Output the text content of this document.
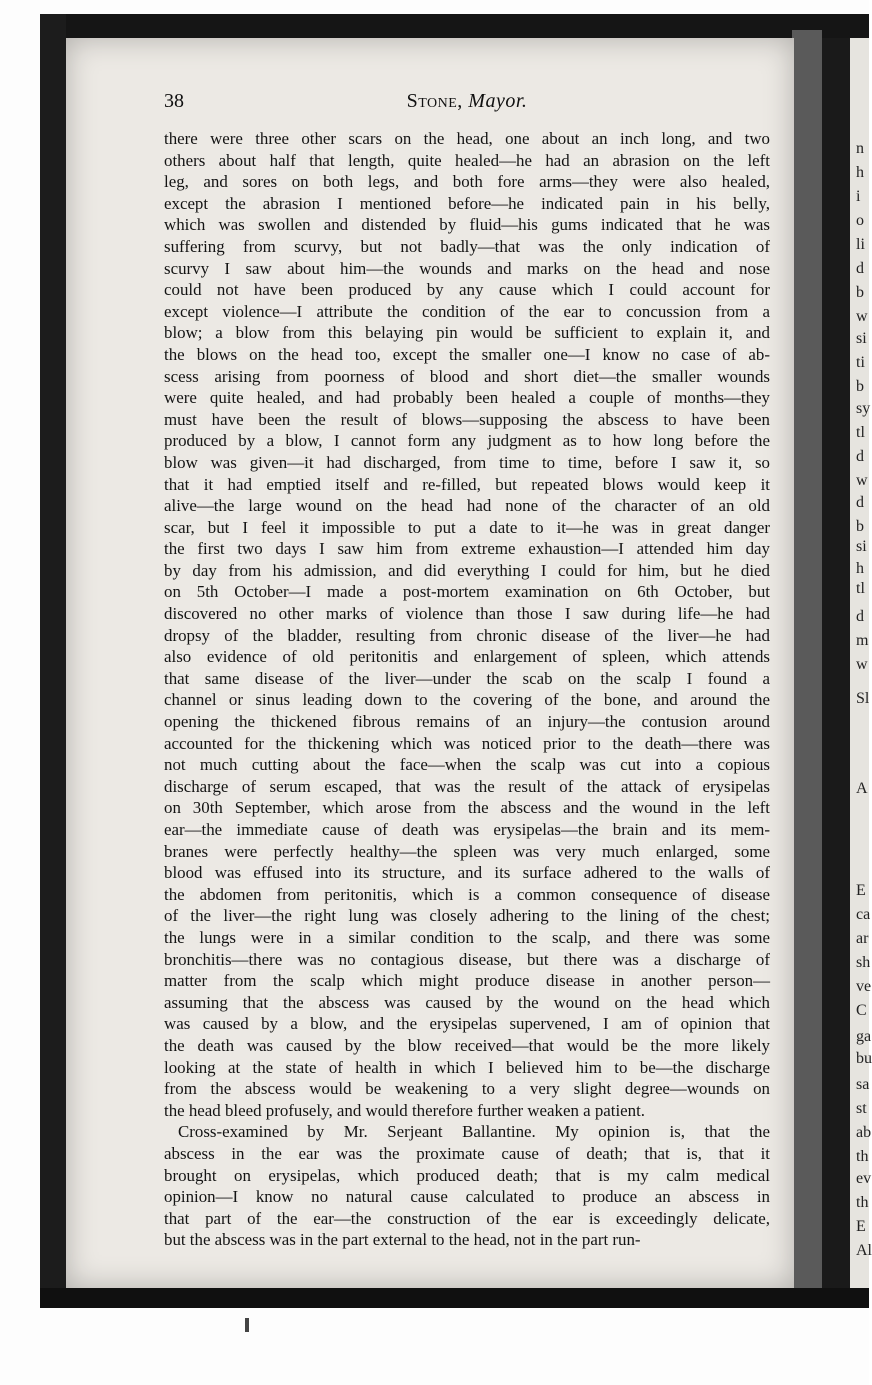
38	Stone, Mayor.
there were three other scars on the head, one about an inch long, and two
others about half that length, quite healed—he had an abrasion on the left
leg, and sores on both legs, and both fore arms—they were also healed,
except the abrasion I mentioned before—he indicated pain in his belly,
which was swollen and distended by fluid—his gums indicated that he was
suffering from scurvy, but not badly—that was the only indication of
scurvy I saw about him—the wounds and marks on the head and nose
could not have been produced by any cause which I could account for
except violence—I attribute the condition of the ear to concussion from a
blow; a blow from this belaying pin would be sufficient to explain it, and
the blows on the head too, except the smaller one—I know no case of ab-
scess arising from poorness of blood and short diet—the smaller wounds
were quite healed, and had probably been healed a couple of months—they
must have been the result of blows—supposing the abscess to have been
produced by a blow, I cannot form any judgment as to how long before the
blow was given—it had discharged, from time to time, before I saw it, so
that it had emptied itself and re-filled, but repeated blows would keep it
alive—the large wound on the head had none of the character of an old
scar, but I feel it impossible to put a date to it—he was in great danger
the first two days I saw him from extreme exhaustion—I attended him day
by day from his admission, and did everything I could for him, but he died
on 5th October—I made a post-mortem examination on 6th October, but
discovered no other marks of violence than those I saw during life—he had
dropsy of the bladder, resulting from chronic disease of the liver—he had
also evidence of old peritonitis and enlargement of spleen, which attends
that same disease of the liver—under the scab on the scalp I found a
channel or sinus leading down to the covering of the bone, and around the
opening the thickened fibrous remains of an injury—the contusion around
accounted for the thickening which was noticed prior to the death—there was
not much cutting about the face—when the scalp was cut into a copious
discharge of serum escaped, that was the result of the attack of erysipelas
on 30th September, which arose from the abscess and the wound in the left
ear—the immediate cause of death was erysipelas—the brain and its mem-
branes were perfectly healthy—the spleen was very much enlarged, some
blood was effused into its structure, and its surface adhered to the walls of
the abdomen from peritonitis, which is a common consequence of disease
of the liver—the right lung was closely adhering to the lining of the chest;
the lungs were in a similar condition to the scalp, and there was some
bronchitis—there was no contagious disease, but there was a discharge of
matter from the scalp which might produce disease in another person—
assuming that the abscess was caused by the wound on the head which
was caused by a blow, and the erysipelas supervened, I am of opinion that
the death was caused by the blow received—that would be the more likely
looking at the state of health in which I believed him to be—the discharge
from the abscess would be weakening to a very slight degree—wounds on
the head bleed profusely, and would therefore further weaken a patient.
Cross-examined by Mr. Serjeant Ballantine. My opinion is, that the
abscess in the ear was the proximate cause of death; that is, that it
brought on erysipelas, which produced death; that is my calm medical
opinion—I know no natural cause calculated to produce an abscess in
that part of the ear—the construction of the ear is exceedingly delicate,
but the abscess was in the part external to the head, not in the part run-
n
h
i
o
li
d
b
w
si
ti
b
sy
tl
d
w
d
b
si
h
tl
d
m
w
Sl
A
E
ca
ar
sh
ve
C
ga
bu
sa
st
ab
th
ev
th
E
Al
